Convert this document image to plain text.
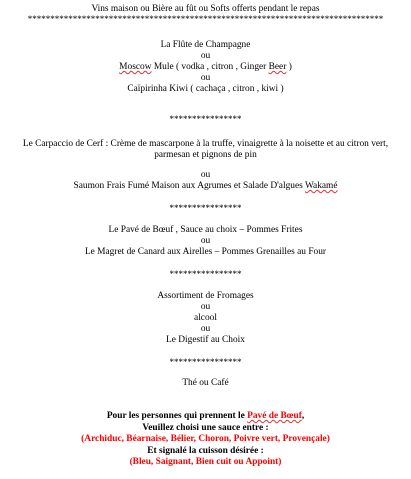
Vins maison ou Bière au fût ou Softs offerts pendant le repas
*******************************************************************************
La Flûte de Champagne
ou
Moscow Mule ( vodka , citron , Ginger Beer )
ou
Caïpirinha Kiwi ( cachaça , citron , kiwi )
****************
Le Carpaccio de Cerf : Crème de mascarpone à la truffe, vinaigrette à la noisette et au citron vert,
parmesan et pignons de pin
ou
Saumon Frais Fumé Maison aux Agrumes et Salade D'algues Wakamé
****************
Le Pavé de Bœuf , Sauce au choix – Pommes Frites
ou
Le Magret de Canard aux Airelles – Pommes Grenailles au Four
****************
Assortiment de Fromages
ou
alcool
ou
Le Digestif au Choix
****************
Thé ou Café
Pour les personnes qui prennent le Pavé de Bœuf,
Veuillez choisi une sauce entre :
(Archiduc, Béarnaise, Bélier, Choron, Poivre vert, Provençale)
Et signalé la cuisson désirée :
(Bleu, Saignant, Bien cuit ou Appoint)
